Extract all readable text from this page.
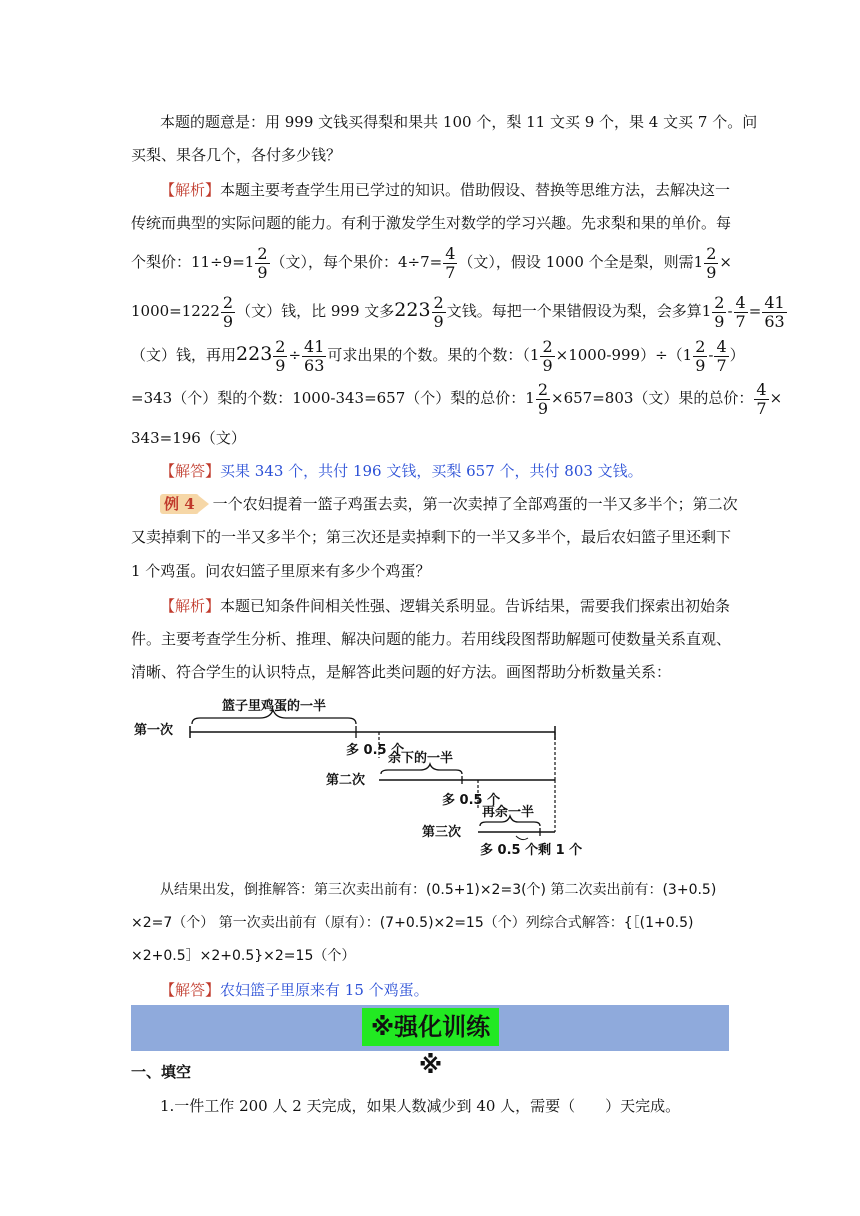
本题的题意是：用 999 文钱买得梨和果共 100 个，梨 11 文买 9 个，果 4 文买 7 个。问
买梨、果各几个，各付多少钱？
【解析】本题主要考查学生用已学过的知识。借助假设、替换等思维方法，去解决这一
传统而典型的实际问题的能力。有利于激发学生对数学的学习兴趣。先求梨和果的单价。每
个梨价：$11\div 9=1 \frac{2}{9}$ （文），每个果价：$4\div 7= \frac{4}{7}$ （文），假设 1000 个全是梨，则需$1 \frac{2}{9}$ ×
$1000=1222 \frac{2}{9}$ （文）钱，比 999 文多$223 \frac{2}{9}$ 文钱。每把一个果错假设为梨，会多算$1 \frac{2}{9} - \frac{4}{7} = \frac{41}{63}$
（文）钱，再用$223 \frac{2}{9} \div \frac{41}{63}$ 可求出果的个数。果的个数：$(1 \frac{2}{9} \times 1000-999)\div(1 \frac{2}{9} - \frac{4}{7}$ ）
=343（个）梨的个数：1000-343=657（个）梨的总价：$1 \frac{2}{9} \times 657=803$（文）果的总价： $\frac{4}{7}$ ×
343=196（文）
【解答】买果 343 个，共付 196 文钱，买梨 657 个，共付 803 文钱。
例 4 一个农妇提着一篮子鸡蛋去卖，第一次卖掉了全部鸡蛋的一半又多半个；第二次
又卖掉剩下的一半又多半个；第三次还是卖掉剩下的一半又多半个，最后农妇篮子里还剩下
1 个鸡蛋。问农妇篮子里原来有多少个鸡蛋？
【解析】本题已知条件间相关性强、逻辑关系明显。告诉结果，需要我们探索出初始条
件。主要考查学生分析、推理、解决问题的能力。若用线段图帮助解题可使数量关系直观、
清晰、符合学生的认识特点，是解答此类问题的好方法。画图帮助分析数量关系：
第一次
篮子里鸡蛋的一半
多 0.5 个
第二次
余下的一半
多 0.5 个
第三次
再余一半
多 0.5 个剩 1 个
从结果出发，倒推解答：第三次卖出前有：(0.5+1)×2=3(个) 第二次卖出前有：(3+0.5)
×2=7（个） 第一次卖出前有（原有）：(7+0.5)×2=15（个）列综合式解答：{［(1+0.5)
×2+0.5］×2+0.5}×2=15（个）
【解答】农妇篮子里原来有 15 个鸡蛋。
※强化训练※
一、填空
1.一件工作 200 人 2 天完成，如果人数减少到 40 人，需要（　　）天完成。
